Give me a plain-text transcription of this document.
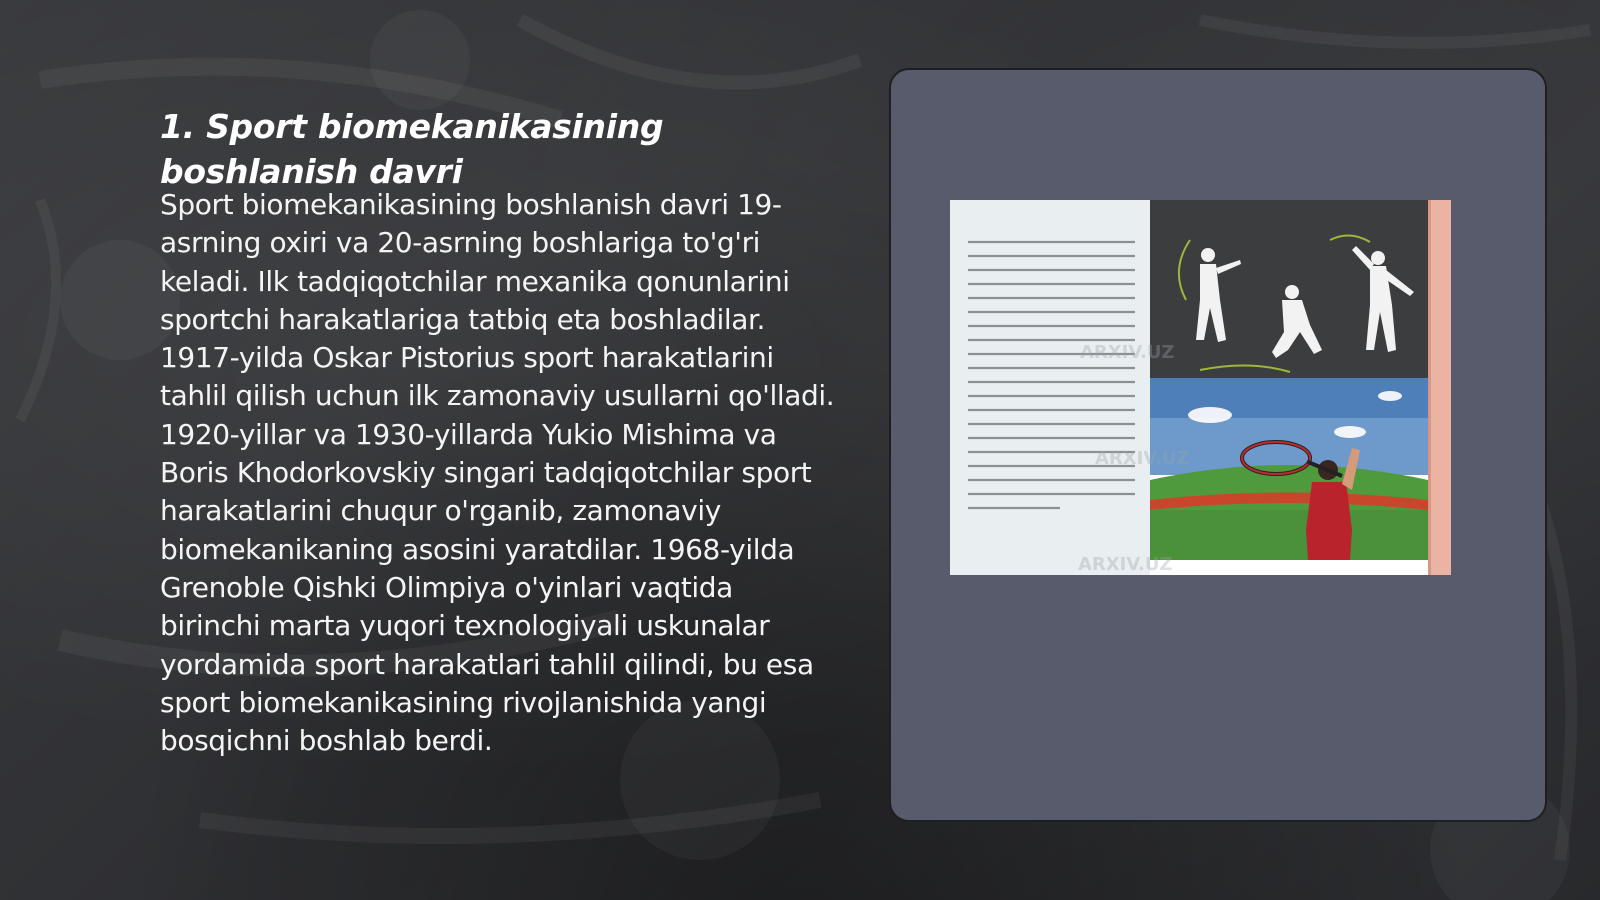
1. Sport biomekanikasining boshlanish davri

Sport biomekanikasining boshlanish davri 19-asrning oxiri va 20-asrning boshlariga to'g'ri keladi. Ilk tadqiqotchilar mexanika qonunlarini sportchi harakatlariga tatbiq eta boshladilar. 1917-yilda Oskar Pistorius sport harakatlarini tahlil qilish uchun ilk zamonaviy usullarni qo'lladi. 1920-yillar va 1930-yillarda Yukio Mishima va Boris Khodorkovskiy singari tadqiqotchilar sport harakatlarini chuqur o'rganib, zamonaviy biomekanikaning asosini yaratdilar. 1968-yilda Grenoble Qishki Olimpiya o'yinlari vaqtida birinchi marta yuqori texnologiyali uskunalar yordamida sport harakatlari tahlil qilindi, bu esa sport biomekanikasining rivojlanishida yangi bosqichni boshlab berdi.

ARXIV.UZ
ARXIV.UZ
ARXIV.UZ
